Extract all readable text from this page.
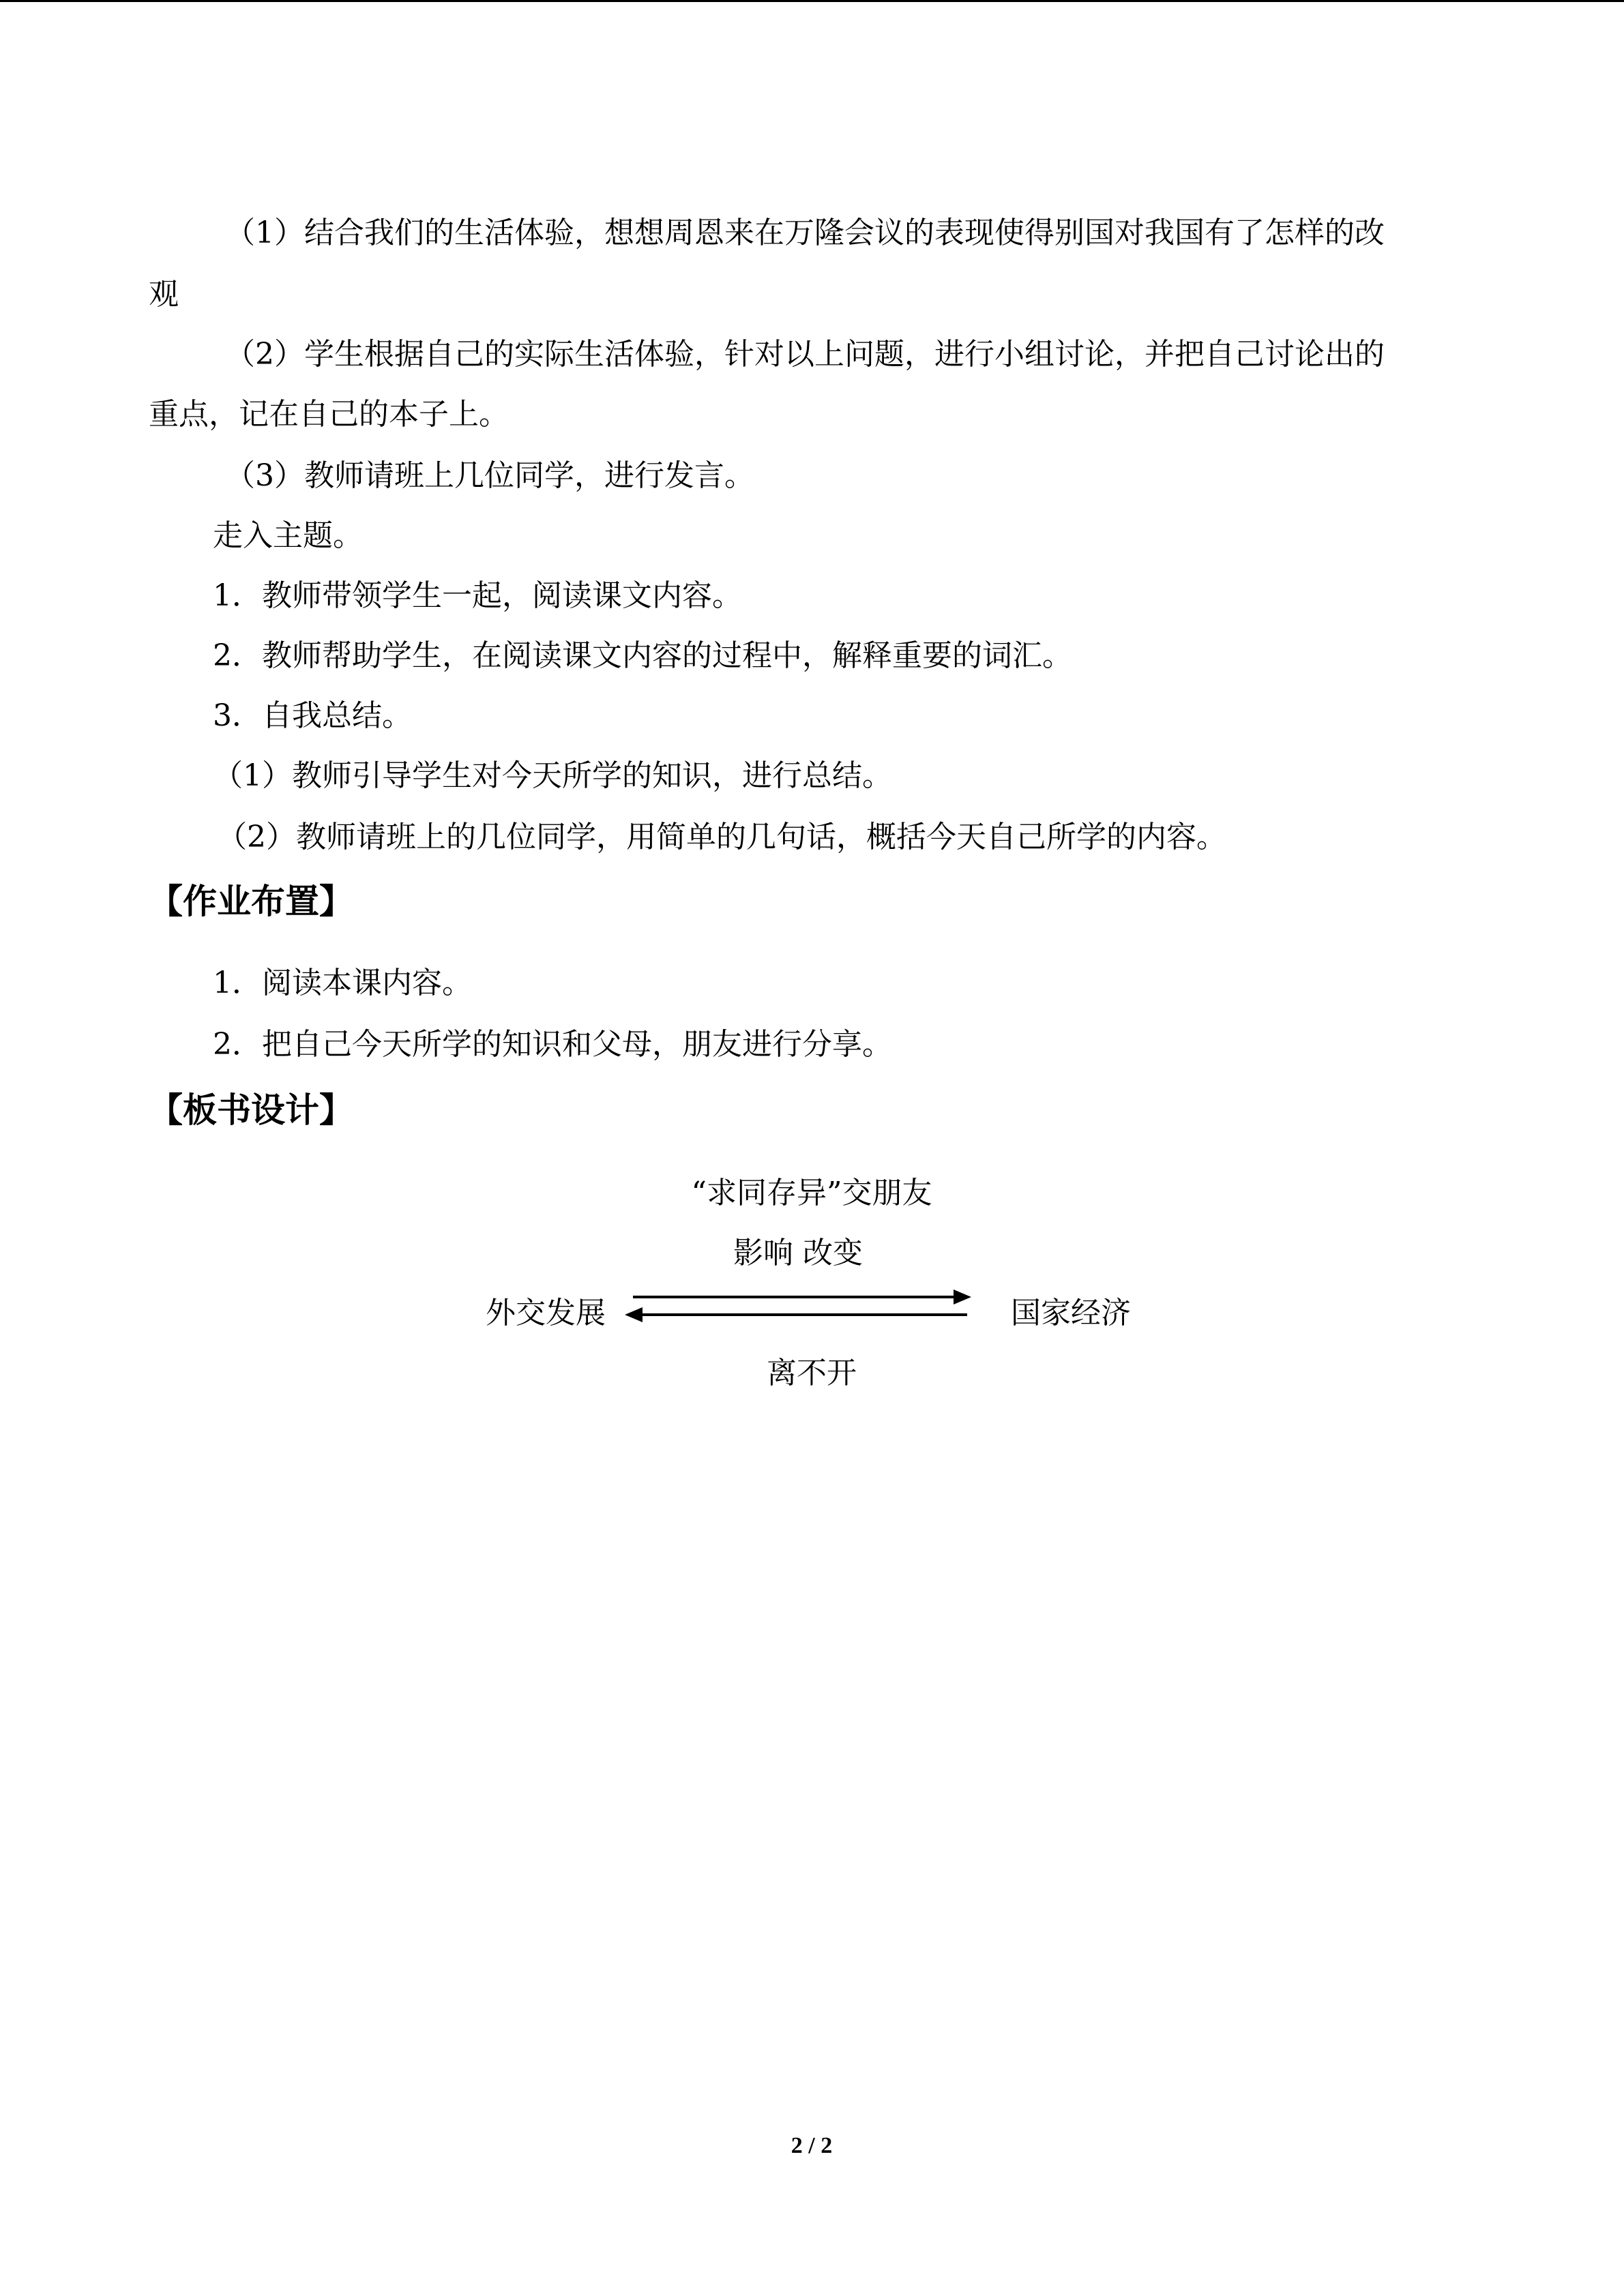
（1）结合我们的生活体验，想想周恩来在万隆会议的表现使得别国对我国有了怎样的改
观
（2）学生根据自己的实际生活体验，针对以上问题，进行小组讨论，并把自己讨论出的
重点，记在自己的本子上。
（3）教师请班上几位同学，进行发言。
走入主题。
1．教师带领学生一起，阅读课文内容。
2．教师帮助学生，在阅读课文内容的过程中，解释重要的词汇。
3．自我总结。
（1）教师引导学生对今天所学的知识，进行总结。
（2）教师请班上的几位同学，用简单的几句话，概括今天自己所学的内容。
【作业布置】
1．阅读本课内容。
2．把自己今天所学的知识和父母，朋友进行分享。
【板书设计】
“求同存异”交朋友
影响 改变
外交发展	国家经济
离不开
2 / 2
